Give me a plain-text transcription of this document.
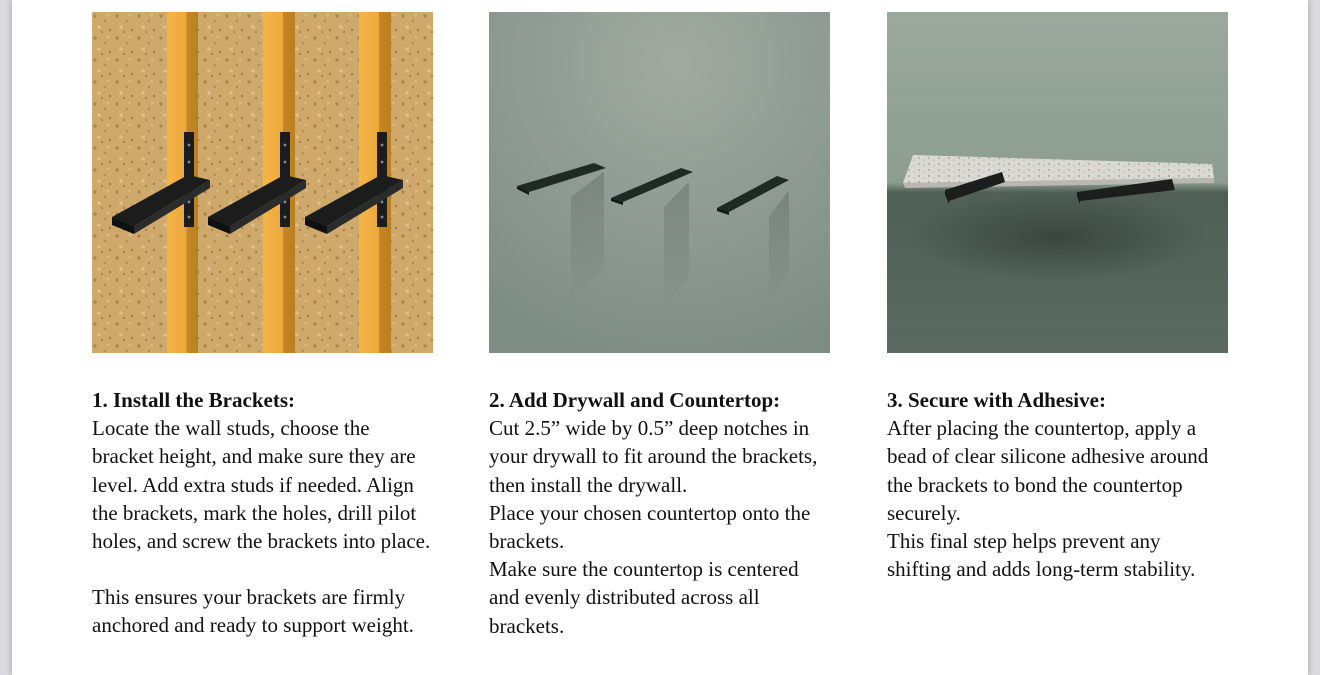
1. Install the Brackets:
Locate the wall studs, choose the bracket height, and make sure they are level. Add extra studs if needed. Align the brackets, mark the holes, drill pilot holes, and screw the brackets into place.
This ensures your brackets are firmly anchored and ready to support weight.
2. Add Drywall and Countertop:
Cut 2.5” wide by 0.5” deep notches in your drywall to fit around the brackets, then install the drywall.
Place your chosen countertop onto the brackets.
Make sure the countertop is centered and evenly distributed across all brackets.
3. Secure with Adhesive:
After placing the countertop, apply a bead of clear silicone adhesive around the brackets to bond the countertop securely.
This final step helps prevent any shifting and adds long-term stability.
